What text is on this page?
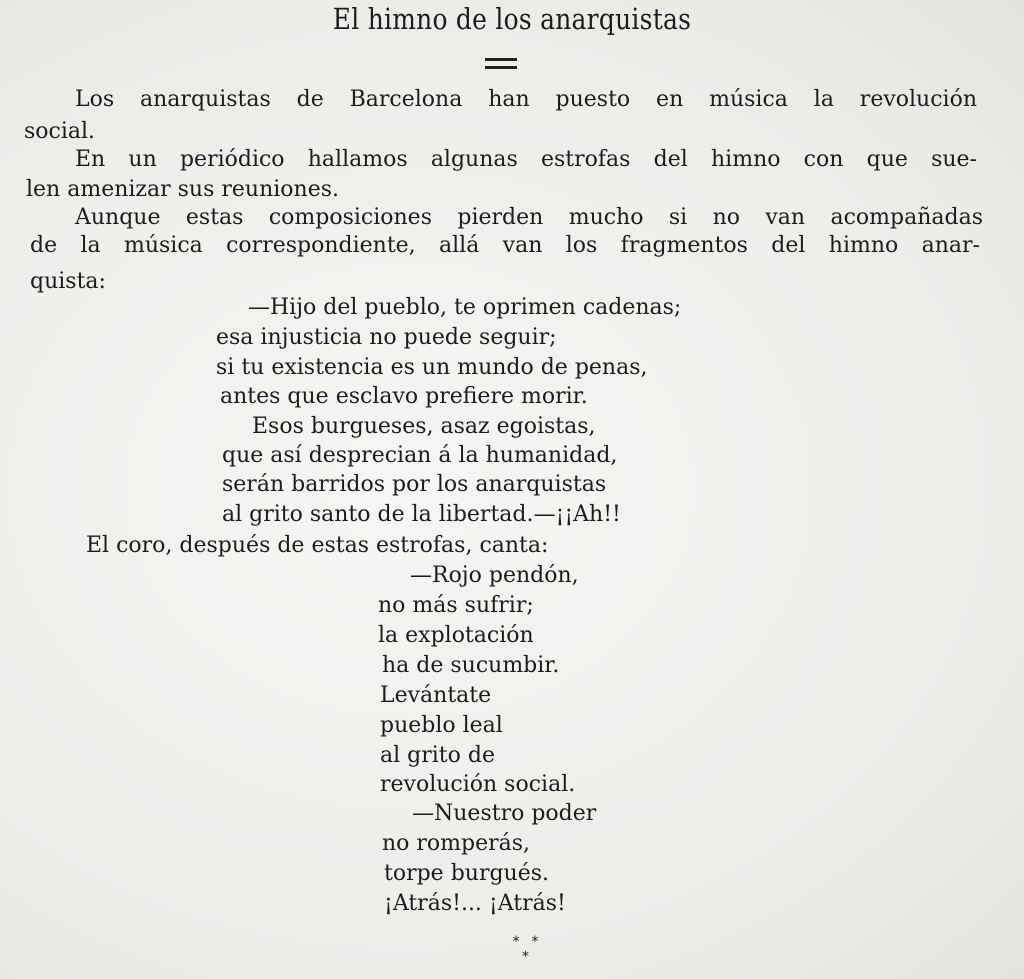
El himno de los anarquistas
Los anarquistas de Barcelona han puesto en música la revolución
social.
En un periódico hallamos algunas estrofas del himno con que sue-
len amenizar sus reuniones.
Aunque estas composiciones pierden mucho si no van acompañadas
de la música correspondiente, allá van los fragmentos del himno anar-
quista:
—Hijo del pueblo, te oprimen cadenas;
esa injusticia no puede seguir;
si tu existencia es un mundo de penas,
antes que esclavo prefiere morir.
Esos burgueses, asaz egoistas,
que así desprecian á la humanidad,
serán barridos por los anarquistas
al grito santo de la libertad.—¡¡Ah!!
El coro, después de estas estrofas, canta:
—Rojo pendón,
no más sufrir;
la explotación
ha de sucumbir.
Levántate
pueblo leal
al grito de
revolución social.
—Nuestro poder
no romperás,
torpe burgués.
¡Atrás!... ¡Atrás!
* * *
